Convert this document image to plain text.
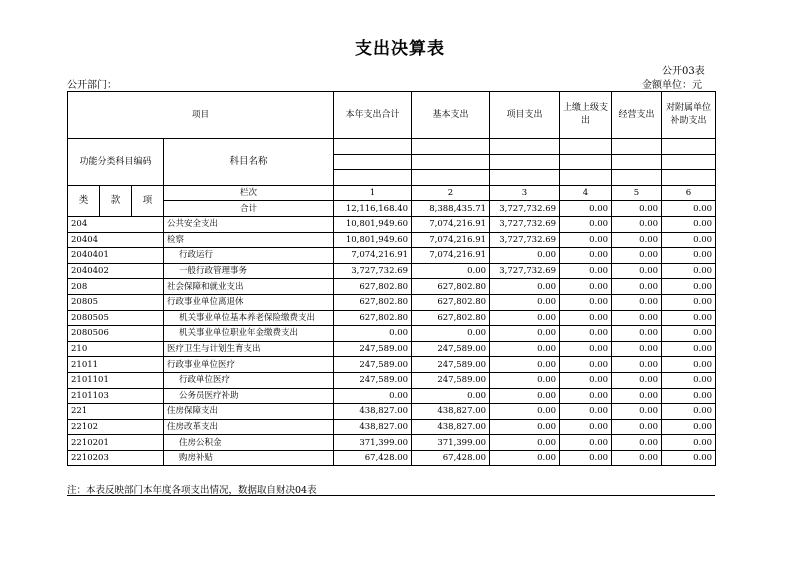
支出决算表
公开03表
金额单位：元
公开部门：
项目				本年支出合计	基本支出	项目支出	上缴上级支出	经营支出	对附属单位补助支出
功能分类科目编码			科目名称						

类	款	项	栏次	1	2	3	4	5	6
			合计	12,116,168.40	8,388,435.71	3,727,732.69	0.00	0.00	0.00
204			公共安全支出	10,801,949.60	7,074,216.91	3,727,732.69	0.00	0.00	0.00
20404			检察	10,801,949.60	7,074,216.91	3,727,732.69	0.00	0.00	0.00
2040401			行政运行	7,074,216.91	7,074,216.91	0.00	0.00	0.00	0.00
2040402			一般行政管理事务	3,727,732.69	0.00	3,727,732.69	0.00	0.00	0.00
208			社会保障和就业支出	627,802.80	627,802.80	0.00	0.00	0.00	0.00
20805			行政事业单位离退休	627,802.80	627,802.80	0.00	0.00	0.00	0.00
2080505			机关事业单位基本养老保险缴费支出	627,802.80	627,802.80	0.00	0.00	0.00	0.00
2080506			机关事业单位职业年金缴费支出	0.00	0.00	0.00	0.00	0.00	0.00
210			医疗卫生与计划生育支出	247,589.00	247,589.00	0.00	0.00	0.00	0.00
21011			行政事业单位医疗	247,589.00	247,589.00	0.00	0.00	0.00	0.00
2101101			行政单位医疗	247,589.00	247,589.00	0.00	0.00	0.00	0.00
2101103			公务员医疗补助	0.00	0.00	0.00	0.00	0.00	0.00
221			住房保障支出	438,827.00	438,827.00	0.00	0.00	0.00	0.00
22102			住房改革支出	438,827.00	438,827.00	0.00	0.00	0.00	0.00
2210201			住房公积金	371,399.00	371,399.00	0.00	0.00	0.00	0.00
2210203			购房补贴	67,428.00	67,428.00	0.00	0.00	0.00	0.00
注：本表反映部门本年度各项支出情况，数据取自财决04表
